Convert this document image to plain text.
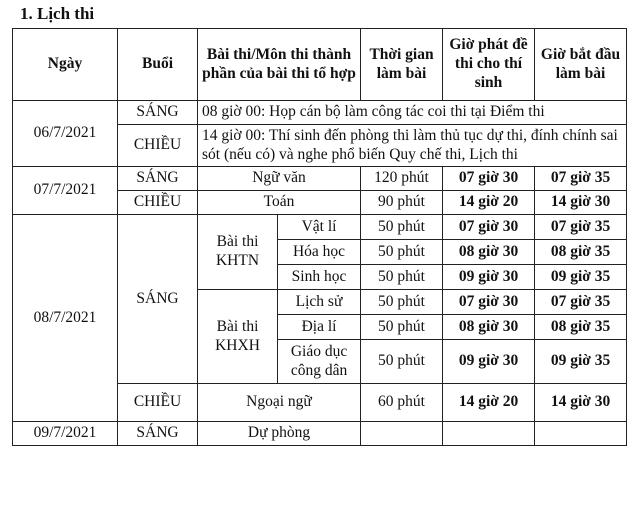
1. Lịch thi
Ngày	Buổi	Bài thi/Môn thi thành phần của bài thi tổ hợp		Thời gian làm bài	Giờ phát đề thi cho thí sinh	Giờ bắt đầu làm bài
06/7/2021	SÁNG	08 giờ 00: Họp cán bộ làm công tác coi thi tại Điểm thi				
	CHIỀU	14 giờ 00: Thí sinh đến phòng thi làm thủ tục dự thi, đính chính sai sót (nếu có) và nghe phổ biến Quy chế thi, Lịch thi				
07/7/2021	SÁNG	Ngữ văn		120 phút	07 giờ 30	07 giờ 35
	CHIỀU	Toán		90 phút	14 giờ 20	14 giờ 30
08/7/2021	SÁNG	Bài thi KHTN	Vật lí	50 phút	07 giờ 30	07 giờ 35
			Hóa học	50 phút	08 giờ 30	08 giờ 35
			Sinh học	50 phút	09 giờ 30	09 giờ 35
		Bài thi KHXH	Lịch sử	50 phút	07 giờ 30	07 giờ 35
			Địa lí	50 phút	08 giờ 30	08 giờ 35
			Giáo dục công dân	50 phút	09 giờ 30	09 giờ 35
	CHIỀU	Ngoại ngữ		60 phút	14 giờ 20	14 giờ 30
09/7/2021	SÁNG	Dự phòng				
